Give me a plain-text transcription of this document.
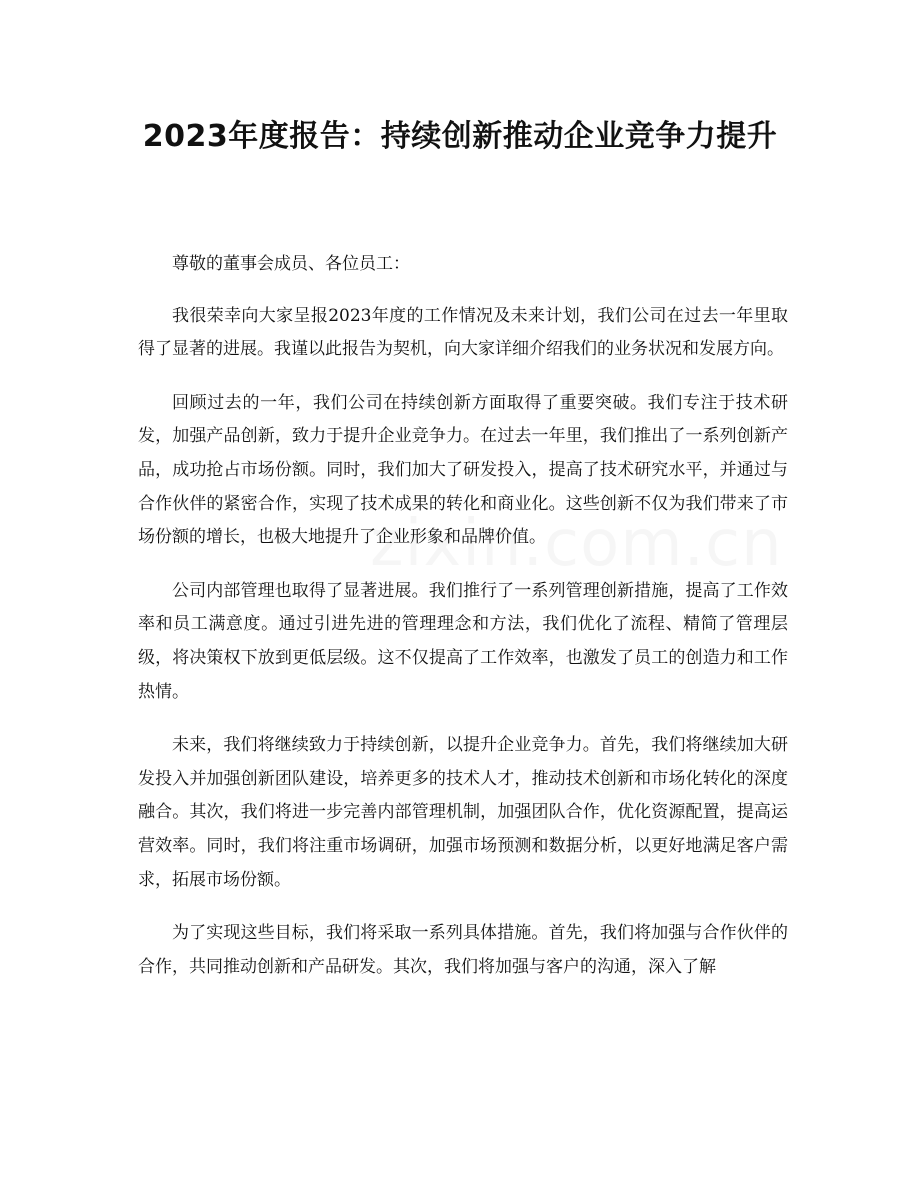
2023年度报告：持续创新推动企业竞争力提升

尊敬的董事会成员、各位员工：

我很荣幸向大家呈报2023年度的工作情况及未来计划，我们公司在过去一年里取得了显著的进展。我谨以此报告为契机，向大家详细介绍我们的业务状况和发展方向。

回顾过去的一年，我们公司在持续创新方面取得了重要突破。我们专注于技术研发，加强产品创新，致力于提升企业竞争力。在过去一年里，我们推出了一系列创新产品，成功抢占市场份额。同时，我们加大了研发投入，提高了技术研究水平，并通过与合作伙伴的紧密合作，实现了技术成果的转化和商业化。这些创新不仅为我们带来了市场份额的增长，也极大地提升了企业形象和品牌价值。

公司内部管理也取得了显著进展。我们推行了一系列管理创新措施，提高了工作效率和员工满意度。通过引进先进的管理理念和方法，我们优化了流程、精简了管理层级，将决策权下放到更低层级。这不仅提高了工作效率，也激发了员工的创造力和工作热情。

未来，我们将继续致力于持续创新，以提升企业竞争力。首先，我们将继续加大研发投入并加强创新团队建设，培养更多的技术人才，推动技术创新和市场化转化的深度融合。其次，我们将进一步完善内部管理机制，加强团队合作，优化资源配置，提高运营效率。同时，我们将注重市场调研，加强市场预测和数据分析，以更好地满足客户需求，拓展市场份额。

为了实现这些目标，我们将采取一系列具体措施。首先，我们将加强与合作伙伴的合作，共同推动创新和产品研发。其次，我们将加强与客户的沟通，深入了解
